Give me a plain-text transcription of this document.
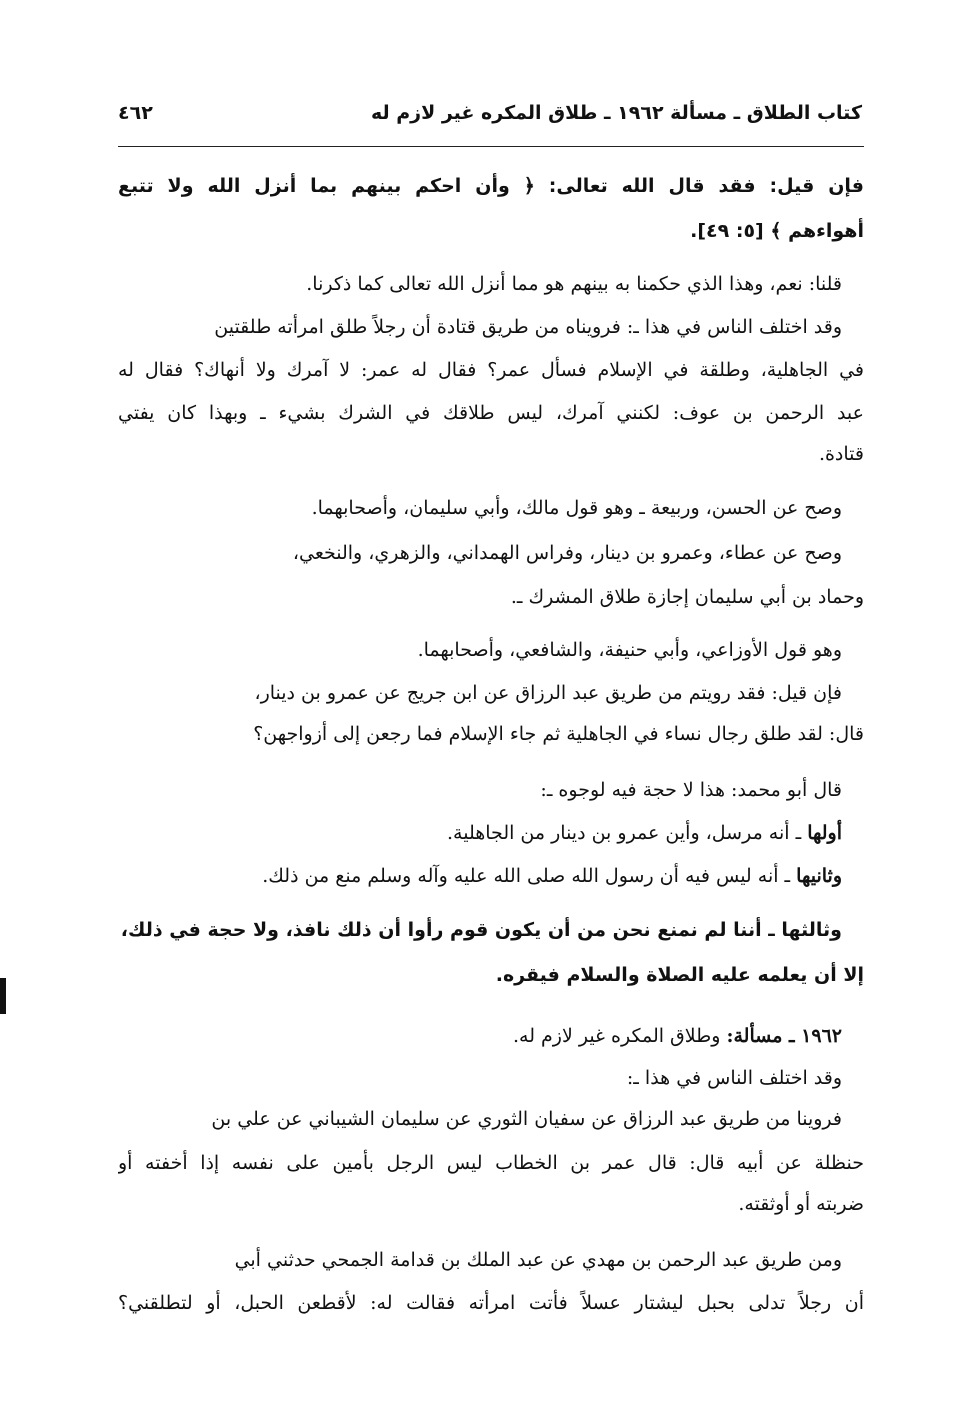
كتاب الطلاق ـ مسألة ١٩٦٢ ـ طلاق المكره غير لازم له
٤٦٢
فإن قيل: فقد قال الله تعالى: ﴿ وأن احكم بينهم بما أنزل الله ولا تتبع
أهواءهم ﴾ [٥: ٤٩].
قلنا: نعم، وهذا الذي حكمنا به بينهم هو مما أنزل الله تعالى كما ذكرنا.
وقد اختلف الناس في هذا ـ: فرويناه من طريق قتادة أن رجلاً طلق امرأته طلقتين
في الجاهلية، وطلقة في الإسلام فسأل عمر؟ فقال له عمر: لا آمرك ولا أنهاك؟ فقال له
عبد الرحمن بن عوف: لكنني آمرك، ليس طلاقك في الشرك بشيء ـ وبهذا كان يفتي
قتادة.
وصح عن الحسن، وربيعة ـ وهو قول مالك، وأبي سليمان، وأصحابهما.
وصح عن عطاء، وعمرو بن دينار، وفراس الهمداني، والزهري، والنخعي،
وحماد بن أبي سليمان إجازة طلاق المشرك ـ.
وهو قول الأوزاعي، وأبي حنيفة، والشافعي، وأصحابهما.
فإن قيل: فقد رويتم من طريق عبد الرزاق عن ابن جريج عن عمرو بن دينار،
قال: لقد طلق رجال نساء في الجاهلية ثم جاء الإسلام فما رجعن إلى أزواجهن؟
قال أبو محمد: هذا لا حجة فيه لوجوه ـ:
أولها ـ أنه مرسل، وأين عمرو بن دينار من الجاهلية.
وثانيها ـ أنه ليس فيه أن رسول الله صلى الله عليه وآله وسلم منع من ذلك.
وثالثها ـ أننا لم نمنع نحن من أن يكون قوم رأوا أن ذلك نافذ، ولا حجة في ذلك،
إلا أن يعلمه عليه الصلاة والسلام فيقره.
١٩٦٢ ـ مسألة: وطلاق المكره غير لازم له.
وقد اختلف الناس في هذا ـ:
فروينا من طريق عبد الرزاق عن سفيان الثوري عن سليمان الشيباني عن علي بن
حنظلة عن أبيه قال: قال عمر بن الخطاب ليس الرجل بأمين على نفسه إذا أخفته أو
ضربته أو أوثقته.
ومن طريق عبد الرحمن بن مهدي عن عبد الملك بن قدامة الجمحي حدثني أبي
أن رجلاً تدلى بحبل ليشتار عسلاً فأتت امرأته فقالت له: لأقطعن الحبل، أو لتطلقني؟
